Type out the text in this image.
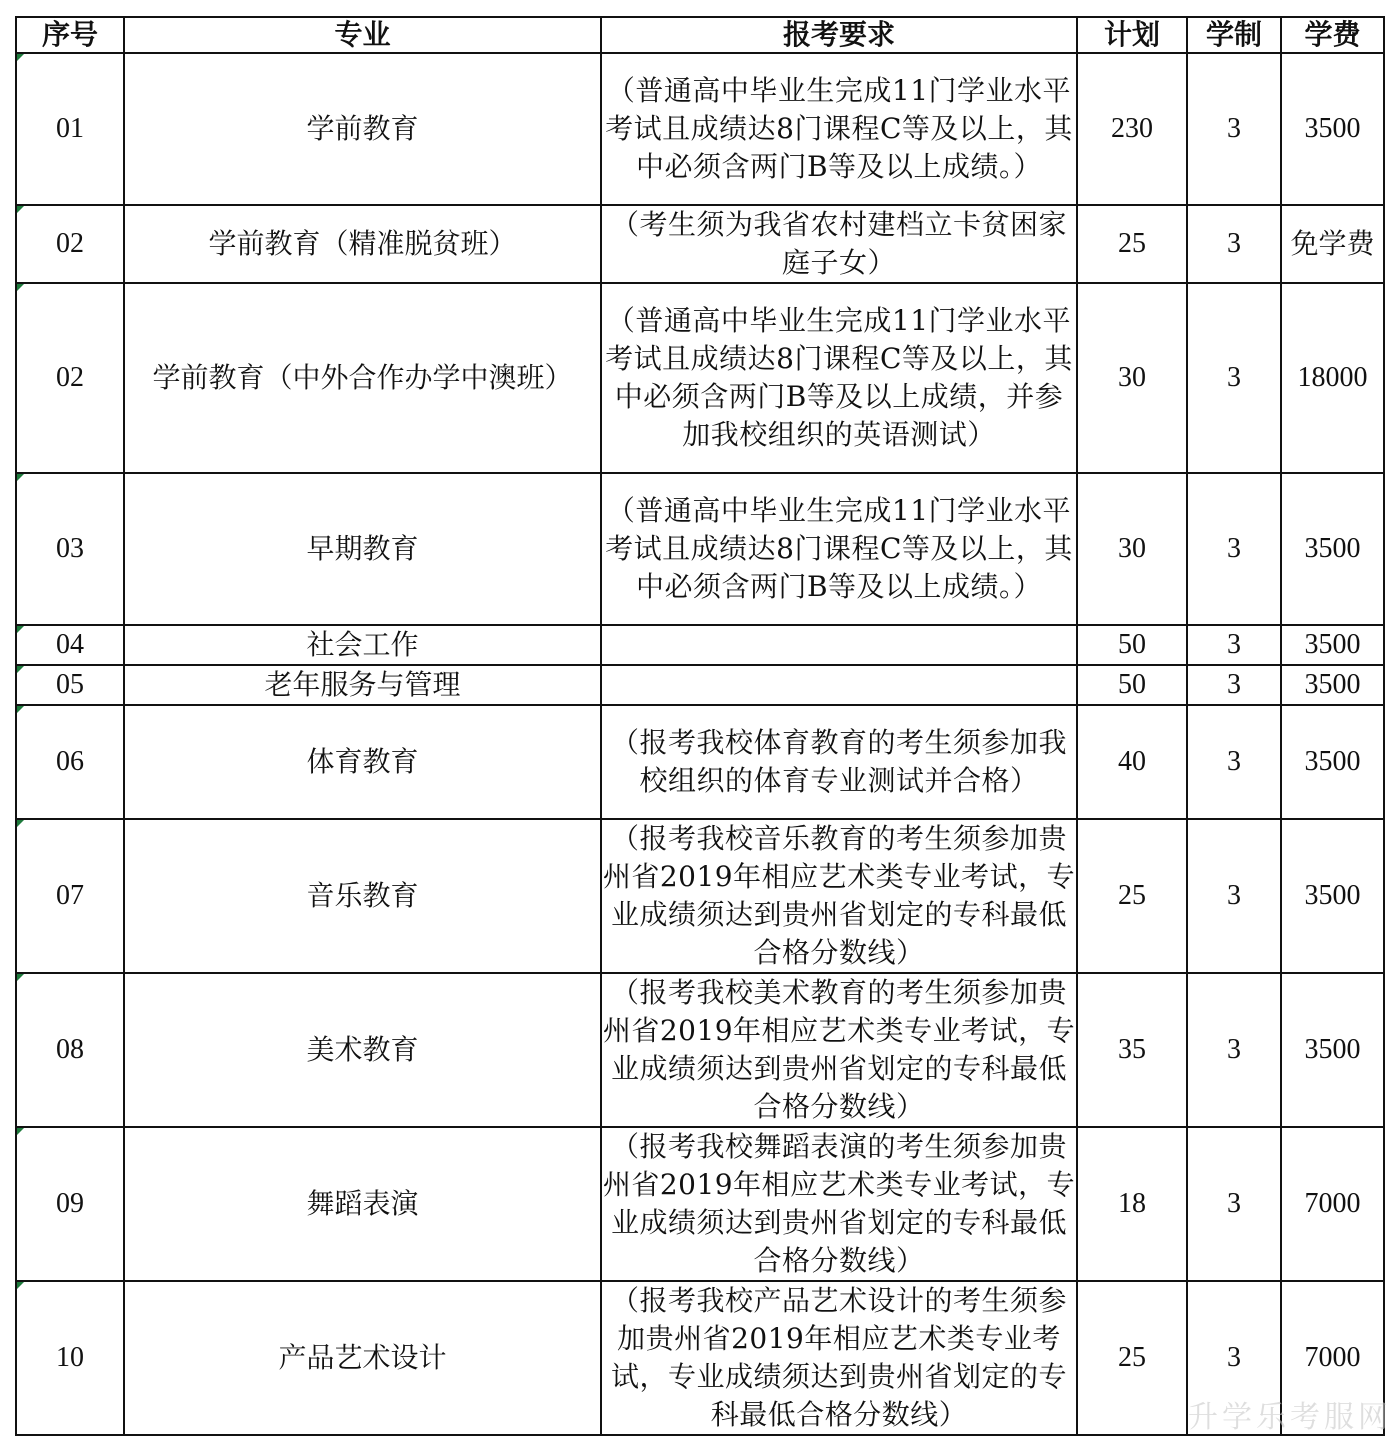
序号	专业	报考要求	计划	学制	学费
01	学前教育	（普通高中毕业生完成11门学业水平考试且成绩达8门课程C等及以上，其中必须含两门B等及以上成绩。）	230	3	3500
02	学前教育（精准脱贫班）	（考生须为我省农村建档立卡贫困家庭子女）	25	3	免学费
02	学前教育（中外合作办学中澳班）	（普通高中毕业生完成11门学业水平考试且成绩达8门课程C等及以上，其中必须含两门B等及以上成绩，并参加我校组织的英语测试）	30	3	18000
03	早期教育	（普通高中毕业生完成11门学业水平考试且成绩达8门课程C等及以上，其中必须含两门B等及以上成绩。）	30	3	3500
04	社会工作		50	3	3500
05	老年服务与管理		50	3	3500
06	体育教育	（报考我校体育教育的考生须参加我校组织的体育专业测试并合格）	40	3	3500
07	音乐教育	（报考我校音乐教育的考生须参加贵州省2019年相应艺术类专业考试，专业成绩须达到贵州省划定的专科最低合格分数线）	25	3	3500
08	美术教育	（报考我校美术教育的考生须参加贵州省2019年相应艺术类专业考试，专业成绩须达到贵州省划定的专科最低合格分数线）	35	3	3500
09	舞蹈表演	（报考我校舞蹈表演的考生须参加贵州省2019年相应艺术类专业考试，专业成绩须达到贵州省划定的专科最低合格分数线）	18	3	7000
10	产品艺术设计	（报考我校产品艺术设计的考生须参加贵州省2019年相应艺术类专业考试，专业成绩须达到贵州省划定的专科最低合格分数线）	25	3	7000
升学乐考服网
